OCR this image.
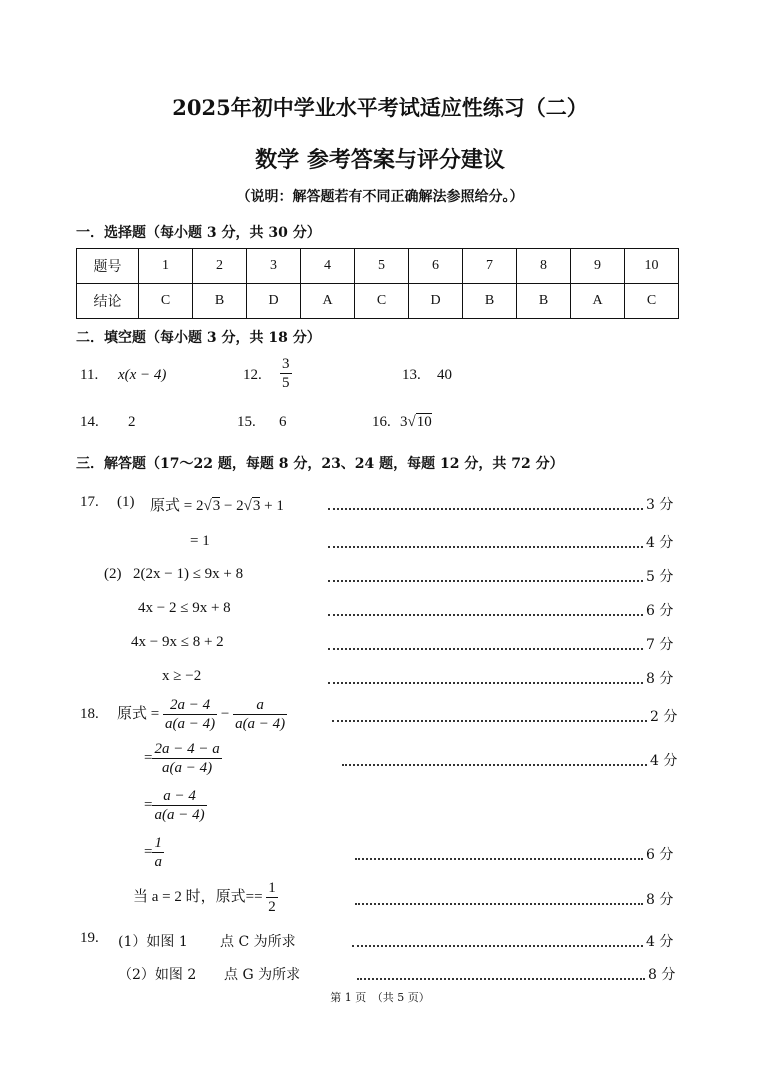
2025年初中学业水平考试适应性练习（二）
数学 参考答案与评分建议
（说明：解答题若有不同正确解法参照给分。）
一．选择题（每小题 3 分，共 30 分）
题号	1	2	3	4	5	6	7	8	9	10
结论	C	B	D	A	C	D	B	B	A	C
二．填空题（每小题 3 分，共 18 分）
11. x(x − 4)	12. $\frac{3}{5}$	13. 40
14. 2	15. 6	16. 3√10
三．解答题（17～22 题，每题 8 分，23、24 题，每题 12 分，共 72 分）
17. (1) 原式 = 2√3 − 2√3 + 1	3 分
= 1	4 分
(2) 2(2x − 1) ≤ 9x + 8	5 分
4x − 2 ≤ 9x + 8	6 分
4x − 9x ≤ 8 + 2	7 分
x ≥ −2	8 分
18. 原式 = $\frac{2a - 4}{a(a - 4)} - \frac{a}{a(a - 4)}$	2 分
= $\frac{2a - 4 - a}{a(a - 4)}$	4 分
= $\frac{a - 4}{a(a - 4)}$
= $\frac{1}{a}$	6 分
当 a = 2 时，原式== $\frac{1}{2}$	8 分
19. (1）如图 1 点 C 为所求	4 分
（2）如图 2 点 G 为所求	8 分
第 1 页　（共 5 页）
